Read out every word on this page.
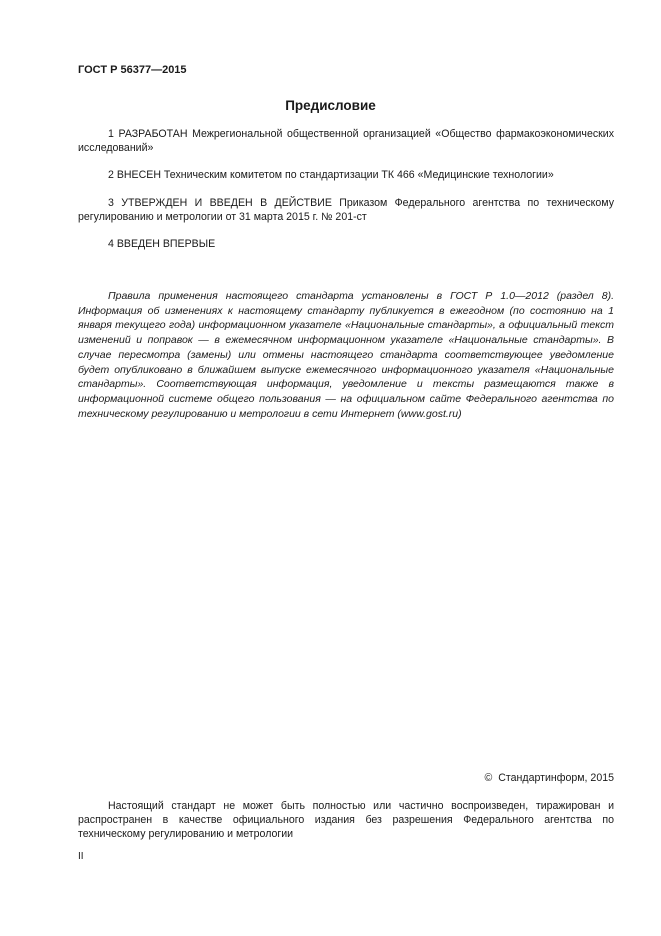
ГОСТ Р 56377—2015
Предисловие
1 РАЗРАБОТАН Межрегиональной общественной организацией «Общество фармакоэкономических исследований»
2 ВНЕСЕН Техническим комитетом по стандартизации ТК 466 «Медицинские технологии»
3 УТВЕРЖДЕН И ВВЕДЕН В ДЕЙСТВИЕ Приказом Федерального агентства по техническому регулированию и метрологии от 31 марта 2015 г. № 201-ст
4 ВВЕДЕН ВПЕРВЫЕ

Правила применения настоящего стандарта установлены в ГОСТ Р 1.0—2012 (раздел 8). Информация об изменениях к настоящему стандарту публикуется в ежегодном (по состоянию на 1 января текущего года) информационном указателе «Национальные стандарты», а официальный текст изменений и поправок — в ежемесячном информационном указателе «Национальные стандарты». В случае пересмотра (замены) или отмены настоящего стандарта соответствующее уведомление будет опубликовано в ближайшем выпуске ежемесячного информационного указателя «Национальные стандарты». Соответствующая информация, уведомление и тексты размещаются также в информационной системе общего пользования — на официальном сайте Федерального агентства по техническому регулированию и метрологии в сети Интернет (www.gost.ru)

© Стандартинформ, 2015

Настоящий стандарт не может быть полностью или частично воспроизведен, тиражирован и распространен в качестве официального издания без разрешения Федерального агентства по техническому регулированию и метрологии

II
